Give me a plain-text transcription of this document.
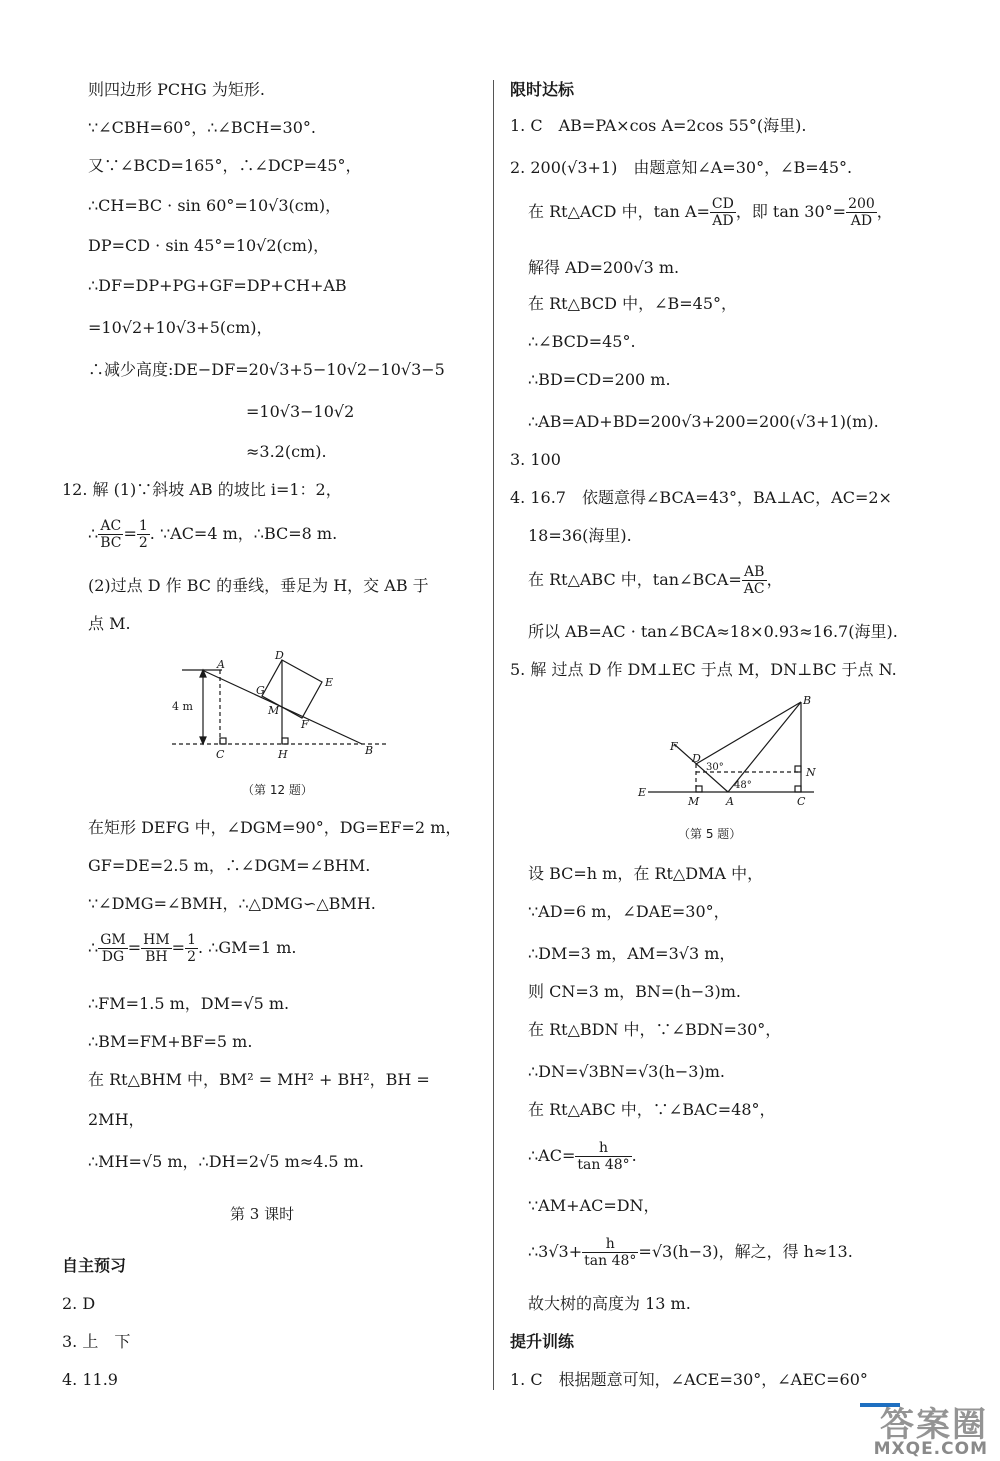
则四边形 PCHG 为矩形.
∵∠CBH=60°，∴∠BCH=30°.
又∵∠BCD=165°，∴∠DCP=45°，
∴CH=BC · sin 60°=10√3(cm)，
DP=CD · sin 45°=10√2(cm)，
∴DF=DP+PG+GF=DP+CH+AB
=10√2+10√3+5(cm)，
∴减少高度:DE−DF=20√3+5−10√2−10√3−5
=10√3−10√2
≈3.2(cm).
12. 解 (1)∵斜坡 AB 的坡比 i=1：2，
∴ $\frac{AC}{BC} = \frac{1}{2}$ . ∵AC=4 m，∴BC=8 m.
(2)过点 D 作 BC 的垂线，垂足为 H，交 AB 于
点 M.
A
B
C
D
E
F
G
H
M
4 m
（第 12 题）
在矩形 DEFG 中，∠DGM=90°，DG=EF=2 m，
GF=DE=2.5 m，∴∠DGM=∠BHM.
∵∠DMG=∠BMH，∴△DMG∽△BMH.
∴ $\frac{GM}{DG} = \frac{HM}{BH} = \frac{1}{2}$ . ∴GM=1 m.
∴FM=1.5 m，DM=√5 m.
∴BM=FM+BF=5 m.
在 Rt△BHM 中，BM² = MH² + BH²，BH =
2MH，
∴MH=√5 m，∴DH=2√5 m≈4.5 m.
第 3 课时
自主预习
2. D
3. 上　下
4. 11.9
限时达标
1. C　AB=PA×cos A=2cos 55°(海里).
2. 200(√3+1)　由题意知∠A=30°，∠B=45°.
在 Rt△ACD 中，$\tan A= \frac{CD}{AD}$ ，即 $\tan 30^\circ= \frac{200}{AD}$ ，
解得 AD=200√3 m.
在 Rt△BCD 中，∠B=45°，
∴∠BCD=45°.
∴BD=CD=200 m.
∴AB=AD+BD=200√3+200=200(√3+1)(m).
3. 100
4. 16.7　依题意得∠BCA=43°，BA⊥AC，AC=2×
18=36(海里).
在 Rt△ABC 中，tan∠BCA= $\frac{AB}{AC}$ ，
所以 AB=AC · tan∠BCA≈18×0.93≈16.7(海里).
5. 解 过点 D 作 DM⊥EC 于点 M，DN⊥BC 于点 N.
A
B
C
D
E
F
M
N
30°
48°
（第 5 题）
设 BC=h m，在 Rt△DMA 中，
∵AD=6 m，∠DAE=30°，
∴DM=3 m，AM=3√3 m，
则 CN=3 m，BN=(h−3)m.
在 Rt△BDN 中，∵∠BDN=30°，
∴DN=√3BN=√3(h−3)m.
在 Rt△ABC 中，∵∠BAC=48°，
∴AC= $\frac{h}{\tan 48^\circ}$ .
∵AM+AC=DN，
∴3√3+ $\frac{h}{\tan 48^\circ} =√3(h-3)$，解之，得 h≈13.
故大树的高度为 13 m.
提升训练
1. C　根据题意可知，∠ACE=30°，∠AEC=60°
答案圈
MXQE.COM
